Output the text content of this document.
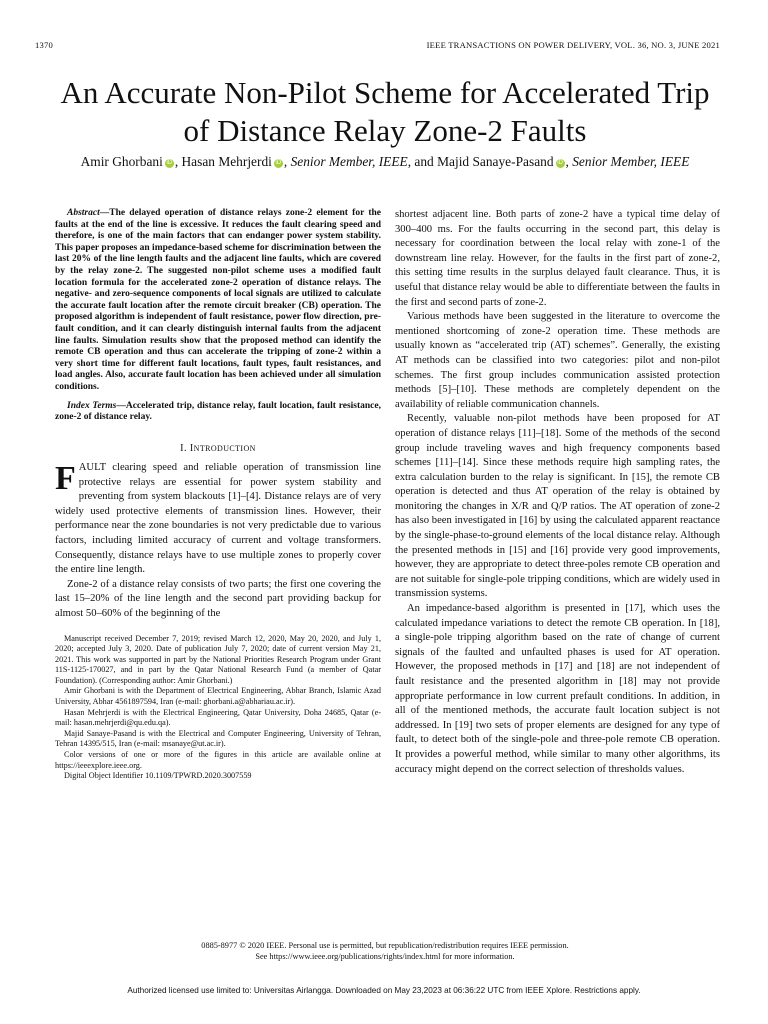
1370	IEEE TRANSACTIONS ON POWER DELIVERY, VOL. 36, NO. 3, JUNE 2021
An Accurate Non-Pilot Scheme for Accelerated Trip
of Distance Relay Zone-2 Faults
Amir Ghorbani iD , Hasan Mehrjerdi iD , Senior Member, IEEE, and Majid Sanaye-Pasand iD , Senior Member, IEEE

Abstract—The delayed operation of distance relays zone-2 element for the faults at the end of the line is excessive. It reduces the fault clearing speed and therefore, is one of the main factors that can endanger power system stability. This paper proposes an impedance-based scheme for discrimination between the last 20% of the line length faults and the adjacent line faults, which are covered by the relay zone-2. The suggested non-pilot scheme uses a modified fault location formula for the accelerated zone-2 operation of distance relays. The negative- and zero-sequence components of local signals are utilized to calculate the accurate fault location after the remote circuit breaker (CB) operation. The proposed algorithm is independent of fault resistance, power flow direction, pre-fault condition, and it can clearly distinguish internal faults from the adjacent line faults. Simulation results show that the proposed method can identify the remote CB operation and thus can accelerate the tripping of zone-2 within a very short time for different fault locations, fault types, fault resistances, and load angles. Also, accurate fault location has been achieved under all simulation conditions.

Index Terms—Accelerated trip, distance relay, fault location, fault resistance, zone-2 of distance relay.

I. INTRODUCTION

FAULT clearing speed and reliable operation of transmission line protective relays are essential for power system stability and preventing from system blackouts [1]–[4]. Distance relays are of very widely used protective elements of transmission lines. However, their performance near the zone boundaries is not very predictable due to various factors, including limited accuracy of current and voltage transformers. Consequently, distance relays have to use multiple zones to properly cover the entire line length.

Zone-2 of a distance relay consists of two parts; the first one covering the last 15–20% of the line length and the second part providing backup for almost 50–60% of the beginning of the

Manuscript received December 7, 2019; revised March 12, 2020, May 20, 2020, and July 1, 2020; accepted July 3, 2020. Date of publication July 7, 2020; date of current version May 21, 2021. This work was supported in part by the National Priorities Research Program under Grant 11S-1125-170027, and in part by the Qatar National Research Fund (a member of Qatar Foundation). (Corresponding author: Amir Ghorbani.)

Amir Ghorbani is with the Department of Electrical Engineering, Abhar Branch, Islamic Azad University, Abhar 4561897594, Iran (e-mail: ghorbani.a@abhariau.ac.ir).

Hasan Mehrjerdi is with the Electrical Engineering, Qatar University, Doha 24685, Qatar (e-mail: hasan.mehrjerdi@qu.edu.qa).

Majid Sanaye-Pasand is with the Electrical and Computer Engineering, University of Tehran, Tehran 14395/515, Iran (e-mail: msanaye@ut.ac.ir).

Color versions of one or more of the figures in this article are available online at https://ieeexplore.ieee.org.

Digital Object Identifier 10.1109/TPWRD.2020.3007559

shortest adjacent line. Both parts of zone-2 have a typical time delay of 300–400 ms. For the faults occurring in the second part, this delay is necessary for coordination between the local relay with zone-1 of the downstream line relay. However, for the faults in the first part of zone-2, this setting time results in the surplus delayed fault clearance. Thus, it is useful that distance relay would be able to differentiate between the faults in the first and second parts of zone-2.

Various methods have been suggested in the literature to overcome the mentioned shortcoming of zone-2 operation time. These methods are usually known as “accelerated trip (AT) schemes”. Generally, the existing AT methods can be classified into two categories: pilot and non-pilot schemes. The first group includes communication assisted protection methods [5]–[10]. These methods are completely dependent on the availability of reliable communication channels.

Recently, valuable non-pilot methods have been proposed for AT operation of distance relays [11]–[18]. Some of the methods of the second group include traveling waves and high frequency components based schemes [11]–[14]. Since these methods require high sampling rates, the extra calculation burden to the relay is significant. In [15], the remote CB operation is detected and thus AT operation of the relay is obtained by monitoring the changes in X/R and Q/P ratios. The AT operation of zone-2 has also been investigated in [16] by using the calculated apparent reactance by the single-phase-to-ground elements of the local distance relay. Although the presented methods in [15] and [16] provide very good improvements, however, they are appropriate to detect three-poles remote CB operation and are not suitable for single-pole tripping conditions, which are widely used in transmission systems.

An impedance-based algorithm is presented in [17], which uses the calculated impedance variations to detect the remote CB operation. In [18], a single-pole tripping algorithm based on the rate of change of current signals of the faulted and unfaulted phases is used for AT operation. However, the proposed methods in [17] and [18] are not independent of fault resistance and the presented algorithm in [18] may not provide appropriate performance in low current prefault conditions. In addition, in all of the mentioned methods, the accurate fault location subject is not addressed. In [19] two sets of proper elements are designed for any type of fault, to detect both of the single-pole and three-pole remote CB operation. It provides a powerful method, while similar to many other algorithms, its accuracy might depend on the correct selection of thresholds values.

0885-8977 © 2020 IEEE. Personal use is permitted, but republication/redistribution requires IEEE permission.
See https://www.ieee.org/publications/rights/index.html for more information.
Authorized licensed use limited to: Universitas Airlangga. Downloaded on May 23,2023 at 06:36:22 UTC from IEEE Xplore. Restrictions apply.
